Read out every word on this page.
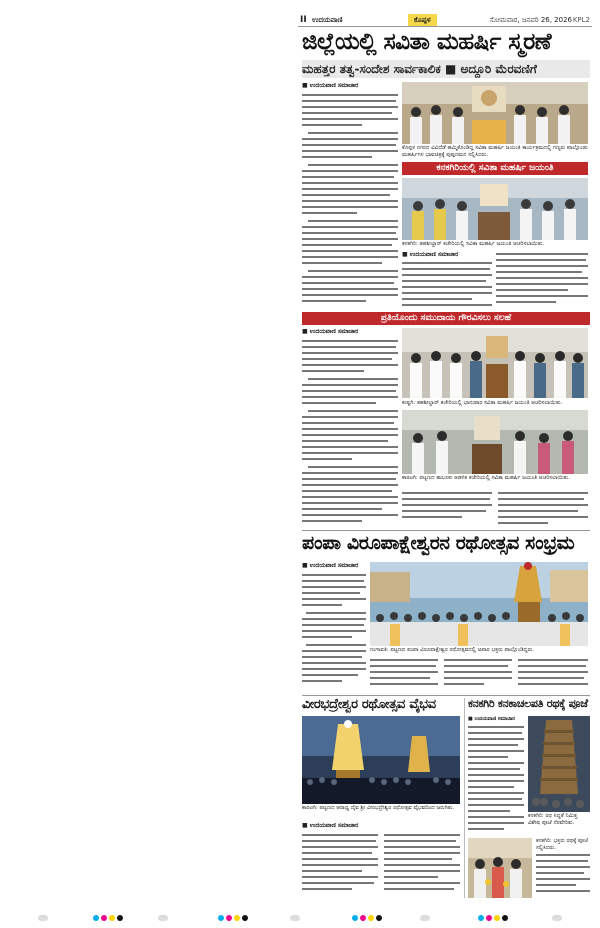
II ಉದಯವಾಣಿ	ಕೊಪ್ಪಳ	ಸೋಮವಾರ, ಜನವರಿ 26, 2026 KPL2
ಜಿಲ್ಲೆಯಲ್ಲಿ ಸವಿತಾ ಮಹರ್ಷಿ ಸ್ಮರಣೆ
ಮಹತ್ತರ ತತ್ವ-ಸಂದೇಶ ಸಾರ್ವಕಾಲಿಕ ■ ಅದ್ದೂರಿ ಮೆರವಣಿಗೆ
■ ಉದಯವಾಣಿ ಸಮಾಚಾರ
ಕೊಪ್ಪಳ ನಗರದ ವಿವಿಧೆಡೆ ಹಮ್ಮಿಕೊಂಡಿದ್ದ ಸವಿತಾ ಮಹರ್ಷಿ ಜಯಂತಿ ಕಾರ್ಯಕ್ರಮದಲ್ಲಿ ಗಣ್ಯರು ಪಾಲ್ಗೊಂಡು ಮಹರ್ಷಿಗಳ ಭಾವಚಿತ್ರಕ್ಕೆ ಪುಷ್ಪನಮನ ಸಲ್ಲಿಸಿದರು.
ಕನಕಗಿರಿಯಲ್ಲಿ ಸವಿತಾ ಮಹರ್ಷಿ ಜಯಂತಿ
ಕನಕಗಿರಿ: ತಹಶೀಲ್ದಾರ್ ಕಚೇರಿಯಲ್ಲಿ ಸವಿತಾ ಮಹರ್ಷಿ ಜಯಂತಿ ಆಚರಿಸಲಾಯಿತು.
■ ಉದಯವಾಣಿ ಸಮಾಚಾರ
ಪ್ರತಿಯೊಂದು ಸಮುದಾಯ ಗೌರವಿಸಲು ಸಲಹೆ
■ ಉದಯವಾಣಿ ಸಮಾಚಾರ
ಕುಷ್ಟಗಿ: ತಹಶೀಲ್ದಾರ್ ಕಚೇರಿಯಲ್ಲಿ ಭಾನುವಾರ ಸವಿತಾ ಮಹರ್ಷಿ ಜಯಂತಿ ಆಚರಿಸಲಾಯಿತು.
ಕಾರಟಗಿ: ಪಟ್ಟಣದ ತಾಲೂಕು ಆಡಳಿತ ಕಚೇರಿಯಲ್ಲಿ ಸವಿತಾ ಮಹರ್ಷಿ ಜಯಂತಿ ಆಚರಿಸಲಾಯಿತು.
ಪಂಪಾ ವಿರೂಪಾಕ್ಷೇಶ್ವರನ ರಥೋತ್ಸವ ಸಂಭ್ರಮ
■ ಉದಯವಾಣಿ ಸಮಾಚಾರ
ಗಂಗಾವತಿ: ಪಟ್ಟಣದ ಪಂಪಾ ವಿರೂಪಾಕ್ಷೇಶ್ವರ ರಥೋತ್ಸವದಲ್ಲಿ ಅಪಾರ ಭಕ್ತರು ಪಾಲ್ಗೊಂಡಿದ್ದರು.
ವೀರಭದ್ರೇಶ್ವರ ರಥೋತ್ಸವ ವೈಭವ
ಕಾರಟಗಿ: ಪಟ್ಟಣದ ಆರಾಧ್ಯ ದೈವ ಶ್ರೀ ವೀರಭದ್ರೇಶ್ವರ ರಥೋತ್ಸವ ವೈಭವದಿಂದ ಜರುಗಿತು.
■ ಉದಯವಾಣಿ ಸಮಾಚಾರ
ಕನಕಗಿರಿ ಕನಕಾಚಲಪತಿ ರಥಕ್ಕೆ ಪೂಜೆ
■ ಉದಯವಾಣಿ ಸಮಾಚಾರ
ಕನಕಗಿರಿ: ರಥ ಸಿದ್ಧತೆ ನಿಮಿತ್ತ ವಿಶೇಷ ಪೂಜೆ ನೆರವೇರಿತು.
ಕನಕಗಿರಿ: ಭಕ್ತರು ರಥಕ್ಕೆ ಪೂಜೆ ಸಲ್ಲಿಸಿದರು.
